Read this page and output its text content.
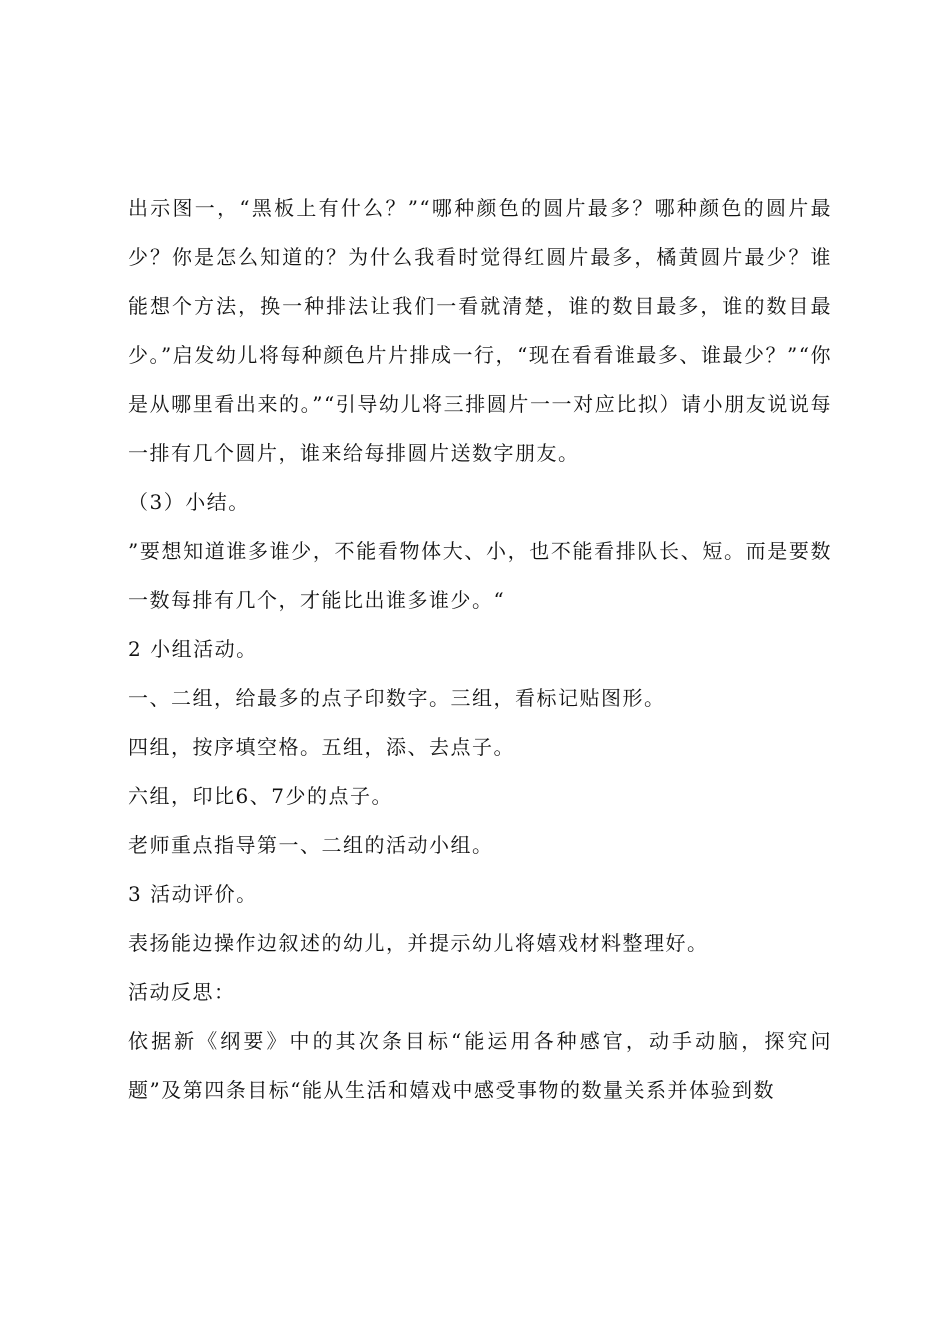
出示图一，“黑板上有什么？”“哪种颜色的圆片最多？哪种颜色的圆片最少？你是怎么知道的？为什么我看时觉得红圆片最多，橘黄圆片最少？谁能想个方法，换一种排法让我们一看就清楚，谁的数目最多，谁的数目最少。”启发幼儿将每种颜色片片排成一行，“现在看看谁最多、谁最少？”“你是从哪里看出来的。”“引导幼儿将三排圆片一一对应比拟）请小朋友说说每一排有几个圆片，谁来给每排圆片送数字朋友。

（3）小结。

”要想知道谁多谁少，不能看物体大、小，也不能看排队长、短。而是要数一数每排有几个，才能比出谁多谁少。“

2 小组活动。

一、二组，给最多的点子印数字。三组，看标记贴图形。

四组，按序填空格。五组，添、去点子。

六组，印比6、7少的点子。

老师重点指导第一、二组的活动小组。

3 活动评价。

表扬能边操作边叙述的幼儿，并提示幼儿将嬉戏材料整理好。

活动反思：

依据新《纲要》中的其次条目标“能运用各种感官，动手动脑，探究问题”及第四条目标“能从生活和嬉戏中感受事物的数量关系并体验到数
